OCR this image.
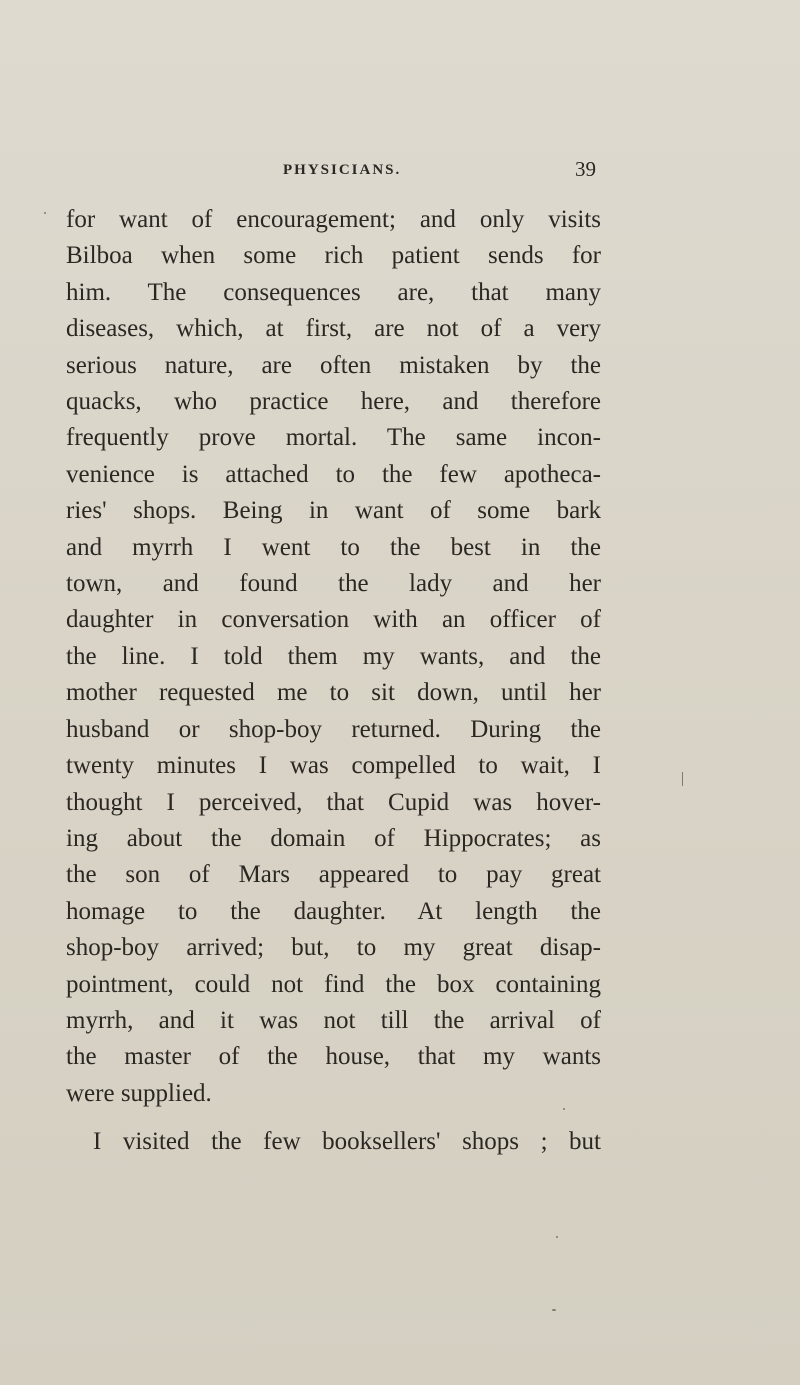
PHYSICIANS.	39
for want of encouragement; and only visits
Bilboa when some rich patient sends for
him. The consequences are, that many
diseases, which, at first, are not of a very
serious nature, are often mistaken by the
quacks, who practice here, and therefore
frequently prove mortal. The same incon-
venience is attached to the few apotheca-
ries' shops. Being in want of some bark
and myrrh I went to the best in the
town, and found the lady and her
daughter in conversation with an officer of
the line. I told them my wants, and the
mother requested me to sit down, until her
husband or shop-boy returned. During the
twenty minutes I was compelled to wait, I
thought I perceived, that Cupid was hover-
ing about the domain of Hippocrates; as
the son of Mars appeared to pay great
homage to the daughter. At length the
shop-boy arrived; but, to my great disap-
pointment, could not find the box containing
myrrh, and it was not till the arrival of
the master of the house, that my wants
were supplied.
I visited the few booksellers' shops ; but
